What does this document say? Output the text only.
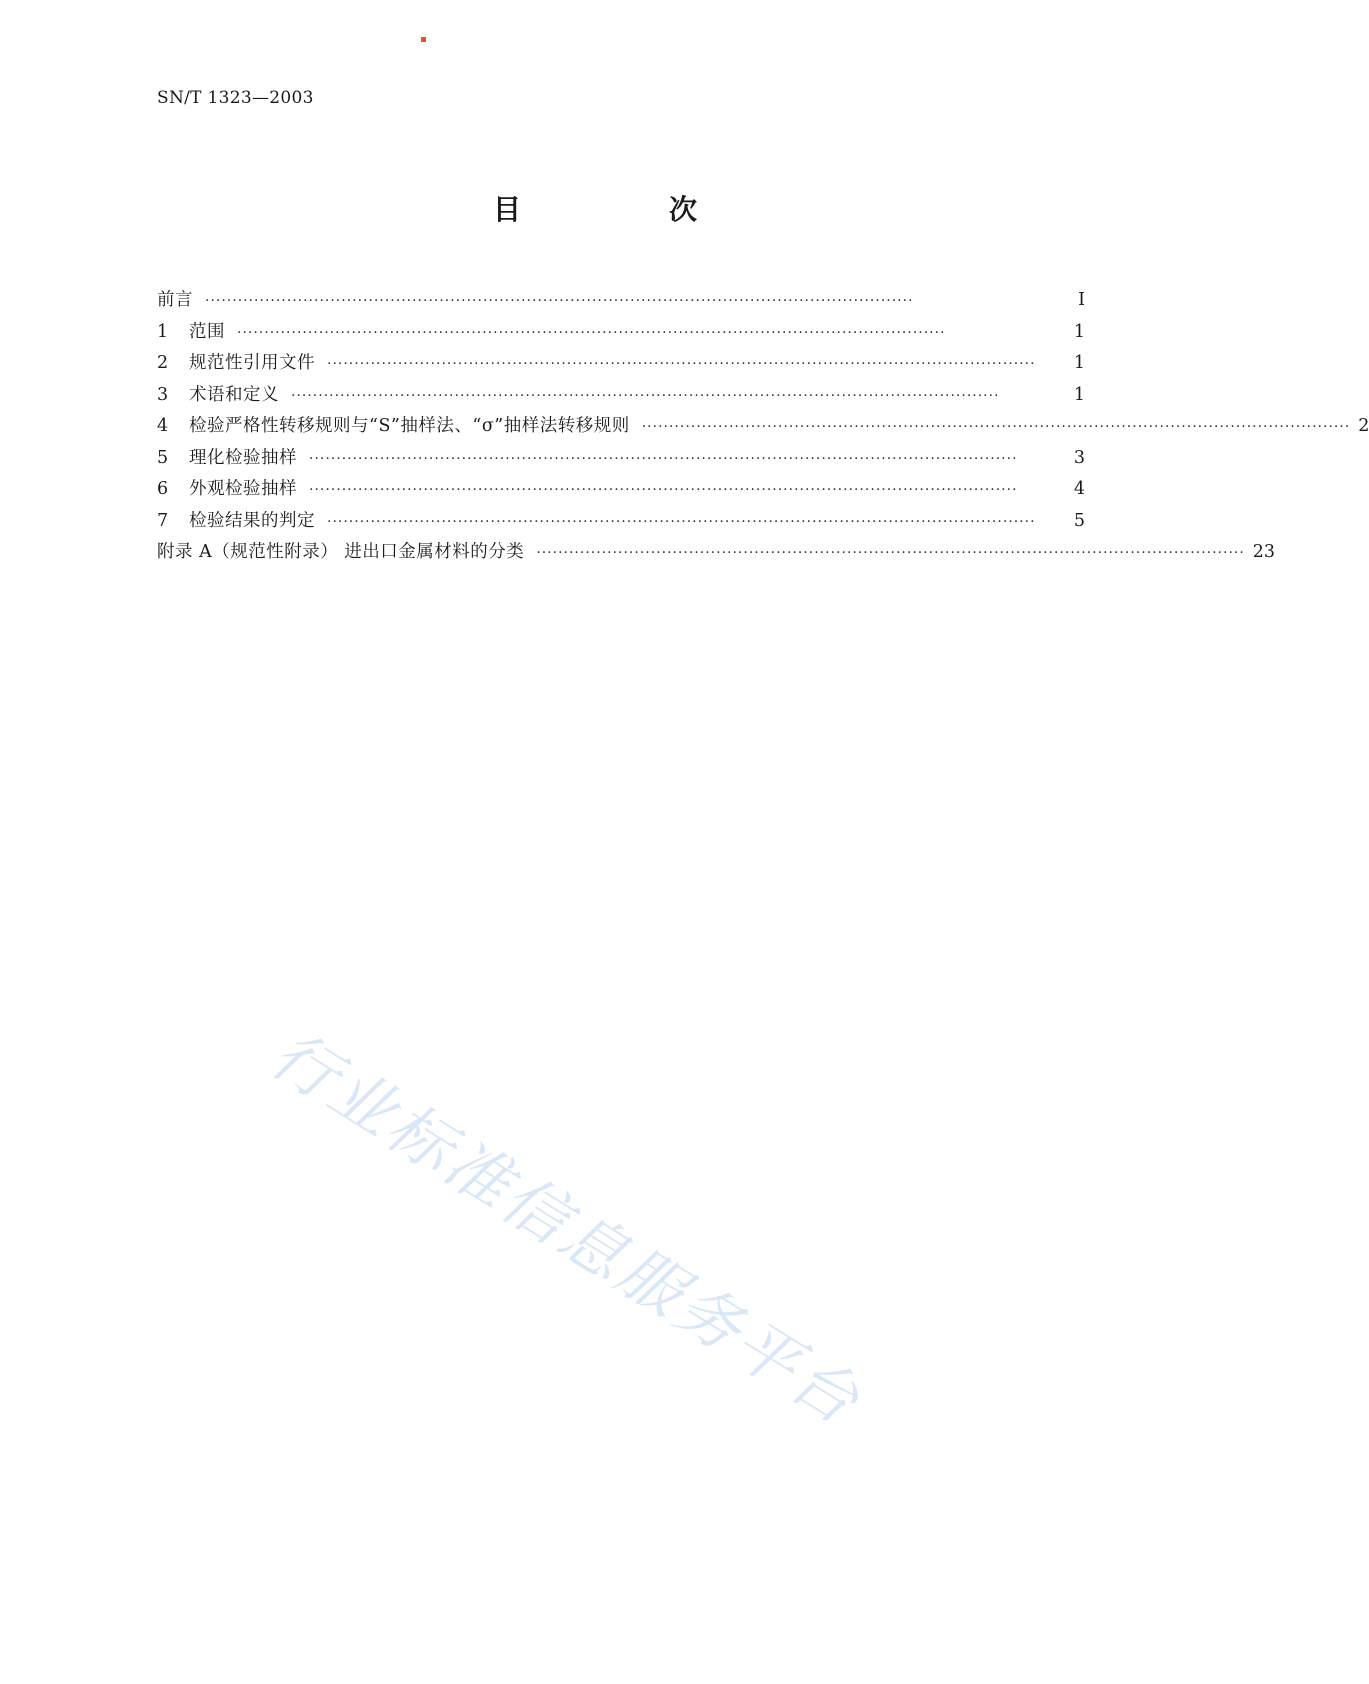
SN/T 1323—2003
目　次
前言 ··································································································································	Ⅰ
1	范围 ··································································································································	1
2	规范性引用文件 ··································································································································	1
3	术语和定义 ··································································································································	1
4	检验严格性转移规则与“S”抽样法、“σ”抽样法转移规则 ·································································································································· 2
5	理化检验抽样 ··································································································································	3
6	外观检验抽样 ··································································································································	4
7	检验结果的判定 ··································································································································	5
附录 A（规范性附录） 进出口金属材料的分类 ·································································································································· 23
行业标准信息服务平台
